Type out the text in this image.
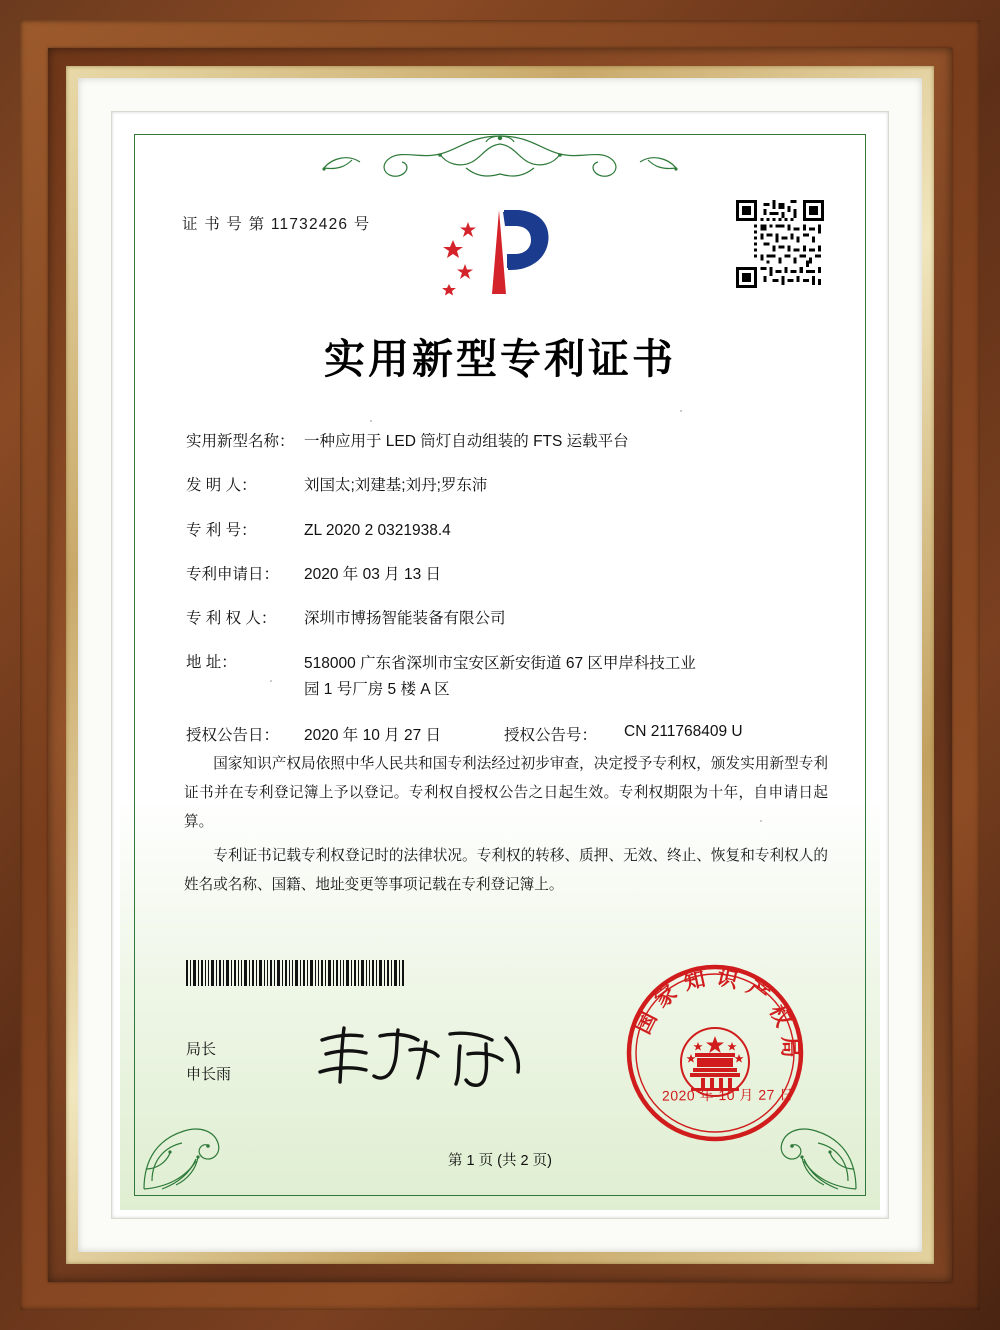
证 书 号 第 11732426 号
实用新型专利证书
实用新型名称： 一种应用于 LED 筒灯自动组装的 FTS 运载平台
发 明 人：	刘国太;刘建基;刘丹;罗东沛
专 利 号：	ZL 2020 2 0321938.4
专利申请日：	2020 年 03 月 13 日
专 利 权 人：	深圳市博扬智能装备有限公司
地 址：	518000 广东省深圳市宝安区新安街道 67 区甲岸科技工业
园 1 号厂房 5 楼 A 区
授权公告日：	2020 年 10 月 27 日	授权公告号：	CN 211768409 U
国家知识产权局依照中华人民共和国专利法经过初步审查，决定授予专利权，颁发实用新型专利证书并在专利登记簿上予以登记。专利权自授权公告之日起生效。专利权期限为十年，自申请日起算。
专利证书记载专利权登记时的法律状况。专利权的转移、质押、无效、终止、恢复和专利权人的姓名或名称、国籍、地址变更等事项记载在专利登记簿上。
局长
申长雨
国家知识产权局
2020 年 10 月 27 日
第 1 页 (共 2 页)
